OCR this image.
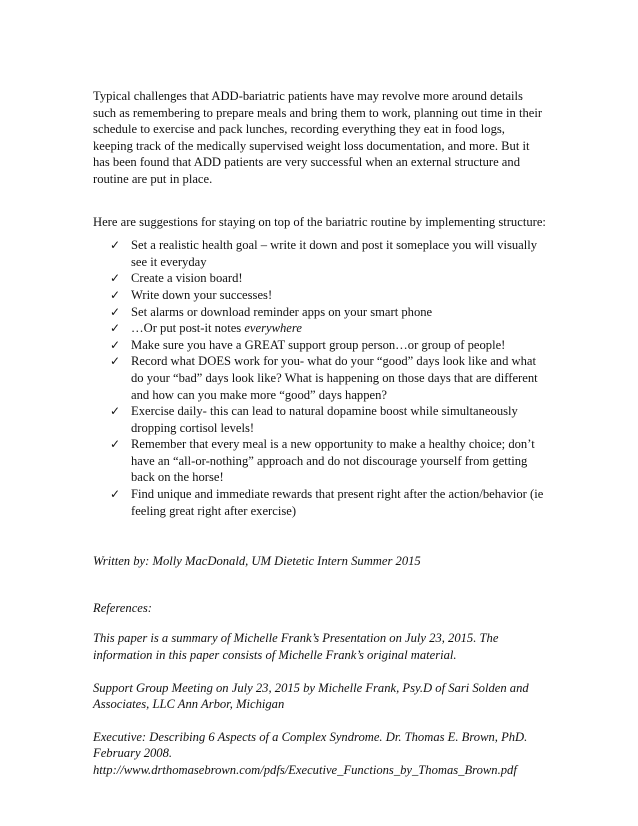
Typical challenges that ADD-bariatric patients have may revolve more around details such as remembering to prepare meals and bring them to work, planning out time in their schedule to exercise and pack lunches, recording everything they eat in food logs, keeping track of the medically supervised weight loss documentation, and more. But it has been found that ADD patients are very successful when an external structure and routine are put in place.

Here are suggestions for staying on top of the bariatric routine by implementing structure:

✓ Set a realistic health goal – write it down and post it someplace you will visually see it everyday
✓ Create a vision board!
✓ Write down your successes!
✓ Set alarms or download reminder apps on your smart phone
✓ …Or put post-it notes everywhere
✓ Make sure you have a GREAT support group person…or group of people!
✓ Record what DOES work for you- what do your “good” days look like and what do your “bad” days look like? What is happening on those days that are different and how can you make more “good” days happen?
✓ Exercise daily- this can lead to natural dopamine boost while simultaneously dropping cortisol levels!
✓ Remember that every meal is a new opportunity to make a healthy choice; don’t have an “all-or-nothing” approach and do not discourage yourself from getting back on the horse!
✓ Find unique and immediate rewards that present right after the action/behavior (ie feeling great right after exercise)

Written by: Molly MacDonald, UM Dietetic Intern Summer 2015

References:

This paper is a summary of Michelle Frank’s Presentation on July 23, 2015. The information in this paper consists of Michelle Frank’s original material.

Support Group Meeting on July 23, 2015 by Michelle Frank, Psy.D of Sari Solden and Associates, LLC Ann Arbor, Michigan

Executive: Describing 6 Aspects of a Complex Syndrome. Dr. Thomas E. Brown, PhD. February 2008.
http://www.drthomasebrown.com/pdfs/Executive_Functions_by_Thomas_Brown.pdf
